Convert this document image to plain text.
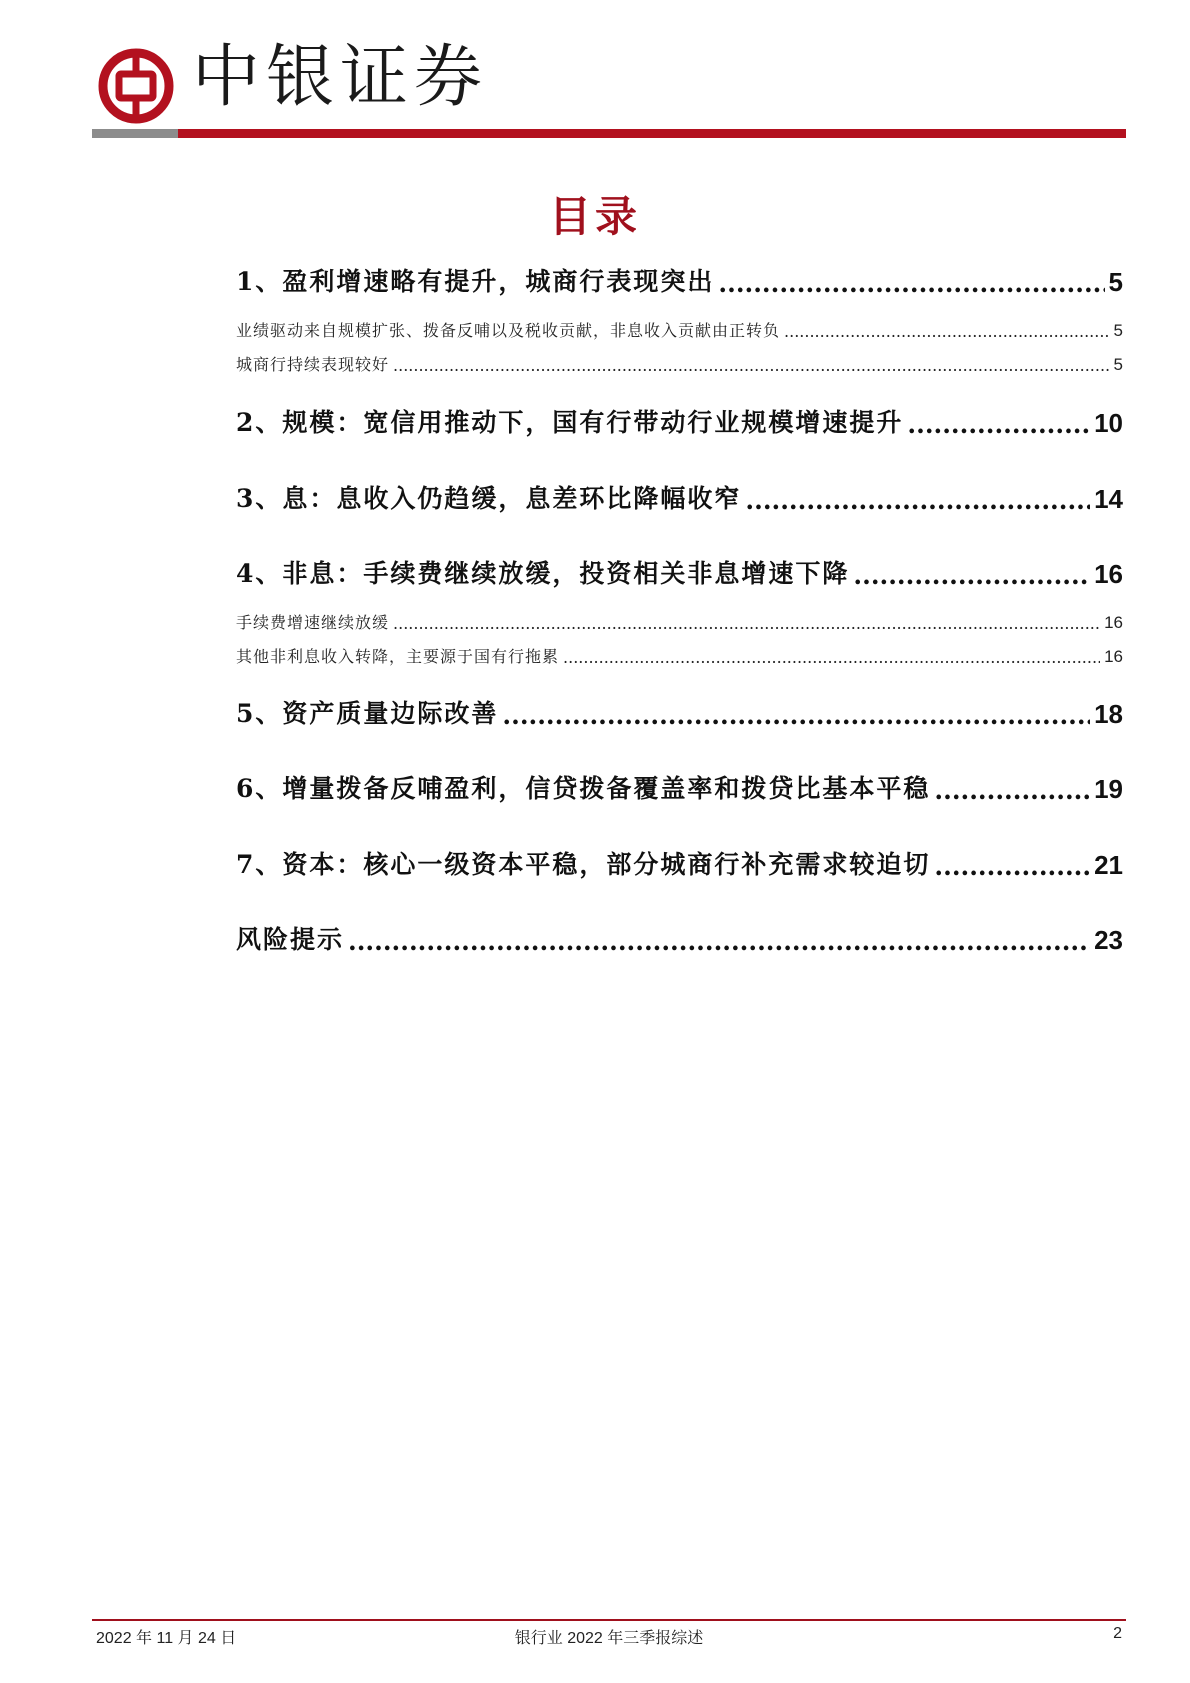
中银证券
目录
1、盈利增速略有提升，城商行表现突出 .....	5
业绩驱动来自规模扩张、拨备反哺以及税收贡献，非息收入贡献由正转负 .....	5
城商行持续表现较好 .....	5
2、规模：宽信用推动下，国有行带动行业规模增速提升 .....	10
3、息：息收入仍趋缓，息差环比降幅收窄 .....	14
4、非息：手续费继续放缓，投资相关非息增速下降 .....	16
手续费增速继续放缓 .....	16
其他非利息收入转降，主要源于国有行拖累 .....	16
5、资产质量边际改善 .....	18
6、增量拨备反哺盈利，信贷拨备覆盖率和拨贷比基本平稳 .....	19
7、资本：核心一级资本平稳，部分城商行补充需求较迫切 .....	21
风险提示 .....	23
2022 年 11 月 24 日	银行业 2022 年三季报综述	2
